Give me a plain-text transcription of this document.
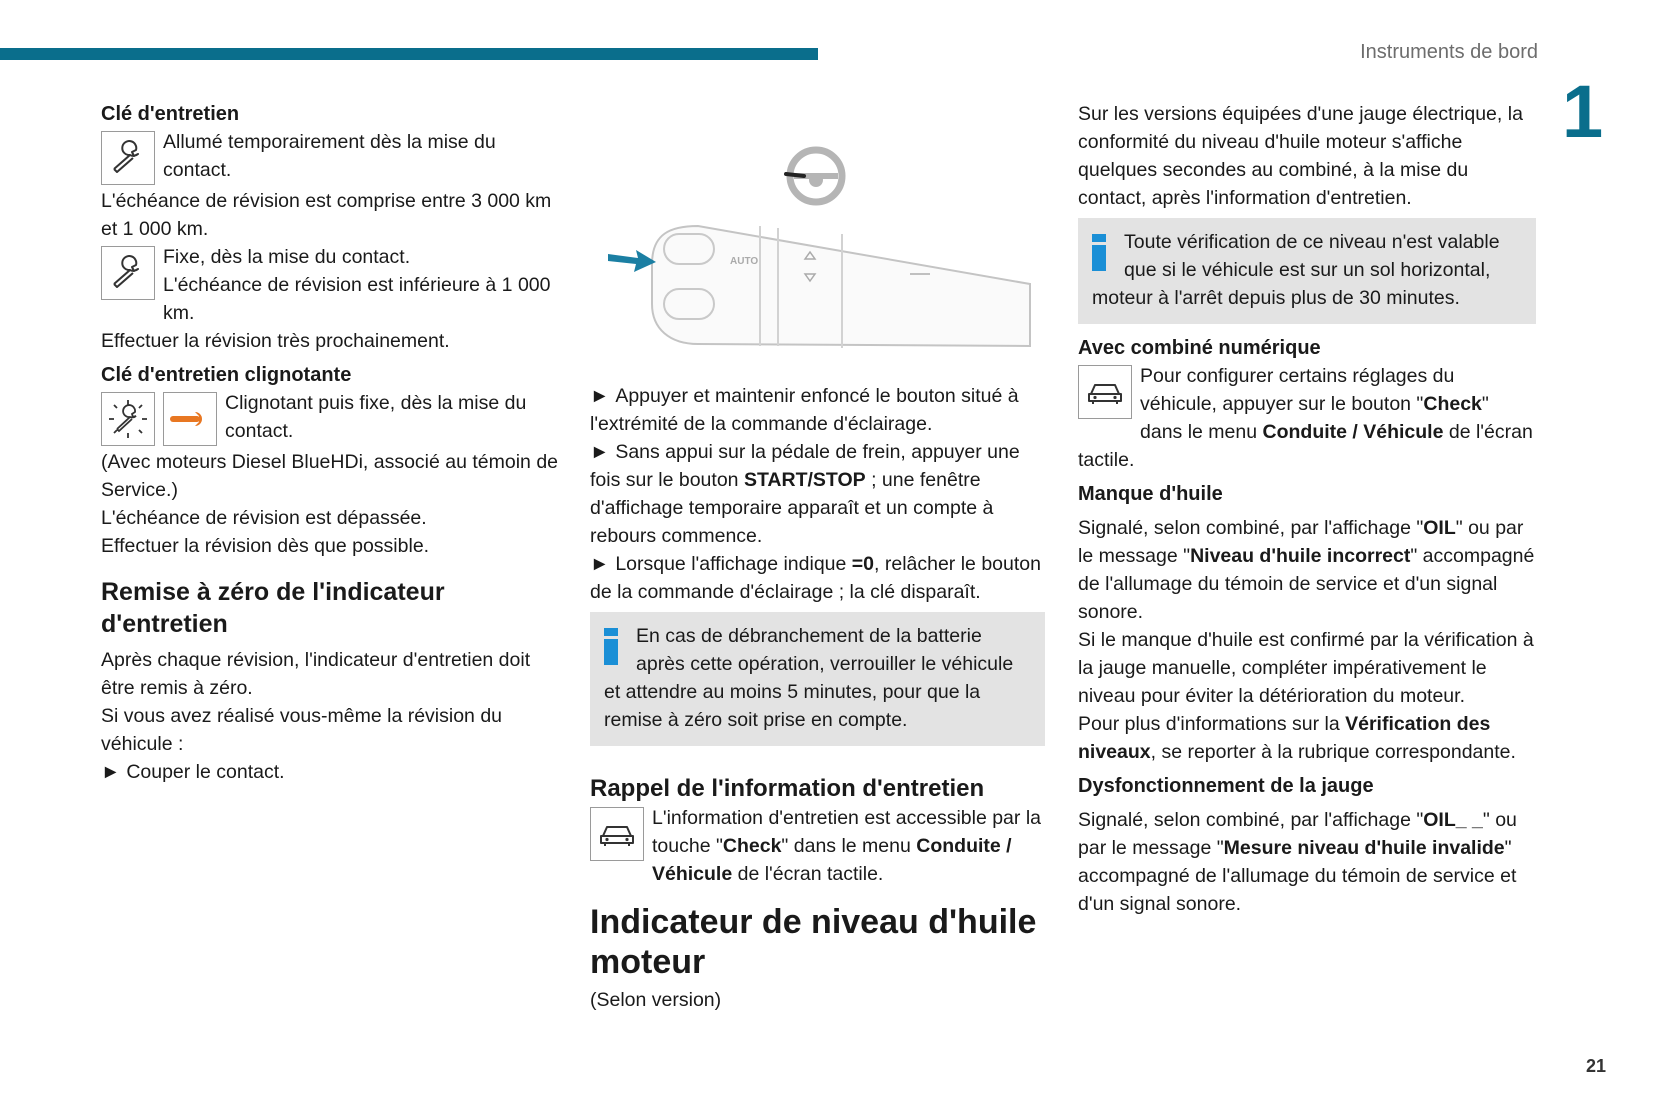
Instruments de bord
1
21

Clé d'entretien

Allumé temporairement dès la mise du contact.

L'échéance de révision est comprise entre 3 000 km et 1 000 km.

Fixe, dès la mise du contact.

L'échéance de révision est inférieure à 1 000 km.

Effectuer la révision très prochainement.

Clé d'entretien clignotante

Clignotant puis fixe, dès la mise du contact.

(Avec moteurs Diesel BlueHDi, associé au témoin de Service.)

L'échéance de révision est dépassée.

Effectuer la révision dès que possible.

Remise à zéro de l'indicateur d'entretien

Après chaque révision, l'indicateur d'entretien doit être remis à zéro.

Si vous avez réalisé vous-même la révision du véhicule :

► Couper le contact.

AUTO

► Appuyer et maintenir enfoncé le bouton situé à l'extrémité de la commande d'éclairage.

► Sans appui sur la pédale de frein, appuyer une fois sur le bouton START/STOP ; une fenêtre d'affichage temporaire apparaît et un compte à rebours commence.

► Lorsque l'affichage indique =0, relâcher le bouton de la commande d'éclairage ; la clé disparaît.

En cas de débranchement de la batterie après cette opération, verrouiller le véhicule et attendre au moins 5 minutes, pour que la remise à zéro soit prise en compte.

Rappel de l'information d'entretien

L'information d'entretien est accessible par la touche "Check" dans le menu Conduite / Véhicule de l'écran tactile.

Indicateur de niveau d'huile moteur

(Selon version)

Sur les versions équipées d'une jauge électrique, la conformité du niveau d'huile moteur s'affiche quelques secondes au combiné, à la mise du contact, après l'information d'entretien.

Toute vérification de ce niveau n'est valable que si le véhicule est sur un sol horizontal, moteur à l'arrêt depuis plus de 30 minutes.

Avec combiné numérique

Pour configurer certains réglages du véhicule, appuyer sur le bouton "Check" dans le menu Conduite / Véhicule de l'écran tactile.

Manque d'huile

Signalé, selon combiné, par l'affichage "OIL" ou par le message "Niveau d'huile incorrect" accompagné de l'allumage du témoin de service et d'un signal sonore.

Si le manque d'huile est confirmé par la vérification à la jauge manuelle, compléter impérativement le niveau pour éviter la détérioration du moteur.

Pour plus d'informations sur la Vérification des niveaux, se reporter à la rubrique correspondante.

Dysfonctionnement de la jauge

Signalé, selon combiné, par l'affichage "OIL_ _" ou par le message "Mesure niveau d'huile invalide" accompagné de l'allumage du témoin de service et d'un signal sonore.
